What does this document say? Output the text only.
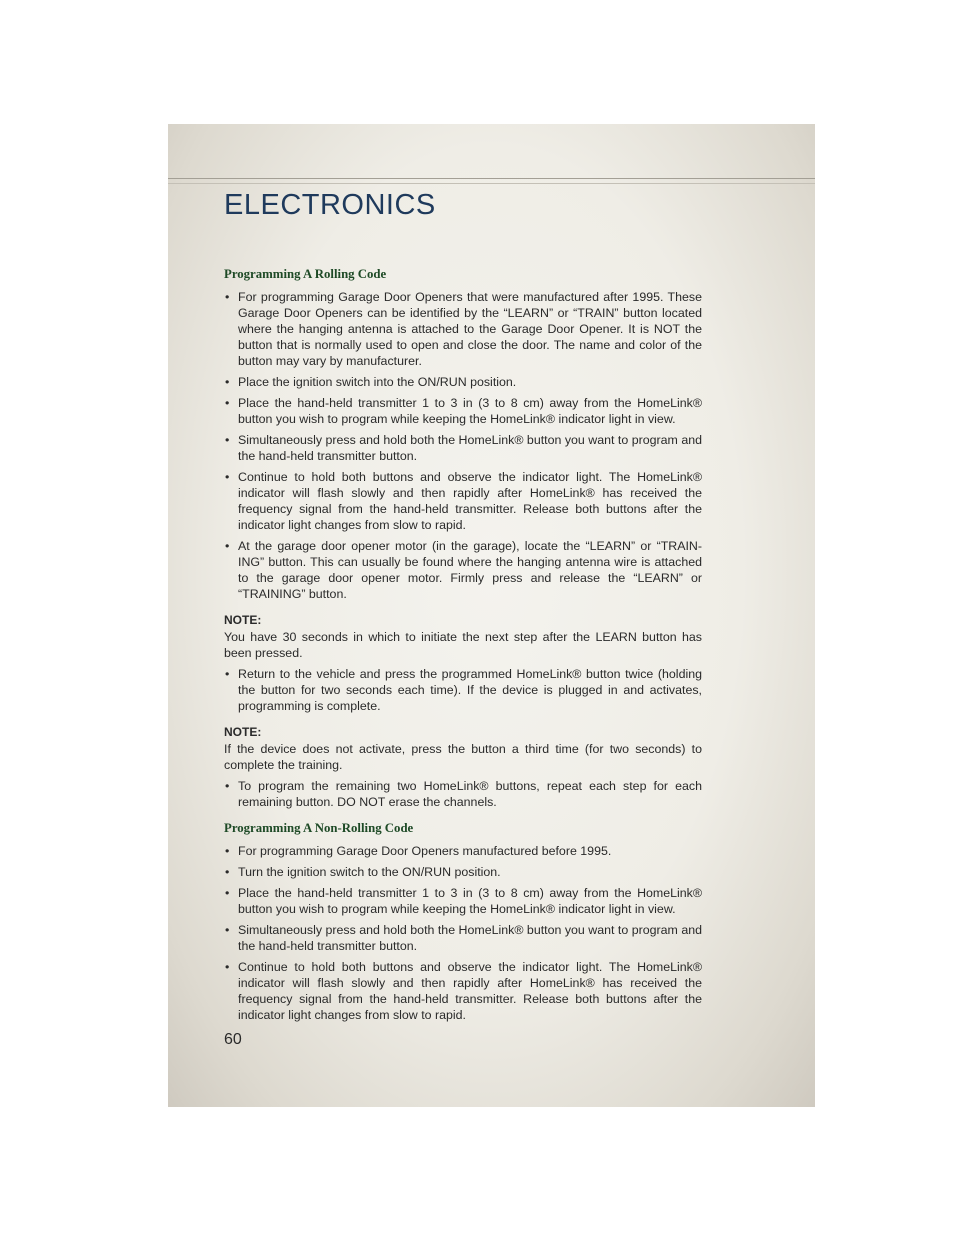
ELECTRONICS
Programming A Rolling Code
• For programming Garage Door Openers that were manufactured after 1995. These Garage Door Openers can be identified by the “LEARN” or “TRAIN” button located where the hanging antenna is attached to the Garage Door Opener. It is NOT the button that is normally used to open and close the door. The name and color of the button may vary by manufacturer.
• Place the ignition switch into the ON/RUN position.
• Place the hand-held transmitter 1 to 3 in (3 to 8 cm) away from the HomeLink® button you wish to program while keeping the HomeLink® indicator light in view.
• Simultaneously press and hold both the HomeLink® button you want to program and the hand-held transmitter button.
• Continue to hold both buttons and observe the indicator light. The HomeLink® indicator will flash slowly and then rapidly after HomeLink® has received the frequency signal from the hand-held transmitter. Release both buttons after the indicator light changes from slow to rapid.
• At the garage door opener motor (in the garage), locate the “LEARN” or “TRAIN-ING” button. This can usually be found where the hanging antenna wire is attached to the garage door opener motor. Firmly press and release the “LEARN” or “TRAINING” button.
NOTE:

You have 30 seconds in which to initiate the next step after the LEARN button has been pressed.

• Return to the vehicle and press the programmed HomeLink® button twice (holding the button for two seconds each time). If the device is plugged in and activates, programming is complete.
NOTE:

If the device does not activate, press the button a third time (for two seconds) to complete the training.

• To program the remaining two HomeLink® buttons, repeat each step for each remaining button. DO NOT erase the channels.
Programming A Non-Rolling Code
• For programming Garage Door Openers manufactured before 1995.
• Turn the ignition switch to the ON/RUN position.
• Place the hand-held transmitter 1 to 3 in (3 to 8 cm) away from the HomeLink® button you wish to program while keeping the HomeLink® indicator light in view.
• Simultaneously press and hold both the HomeLink® button you want to program and the hand-held transmitter button.
• Continue to hold both buttons and observe the indicator light. The HomeLink® indicator will flash slowly and then rapidly after HomeLink® has received the frequency signal from the hand-held transmitter. Release both buttons after the indicator light changes from slow to rapid.

60
